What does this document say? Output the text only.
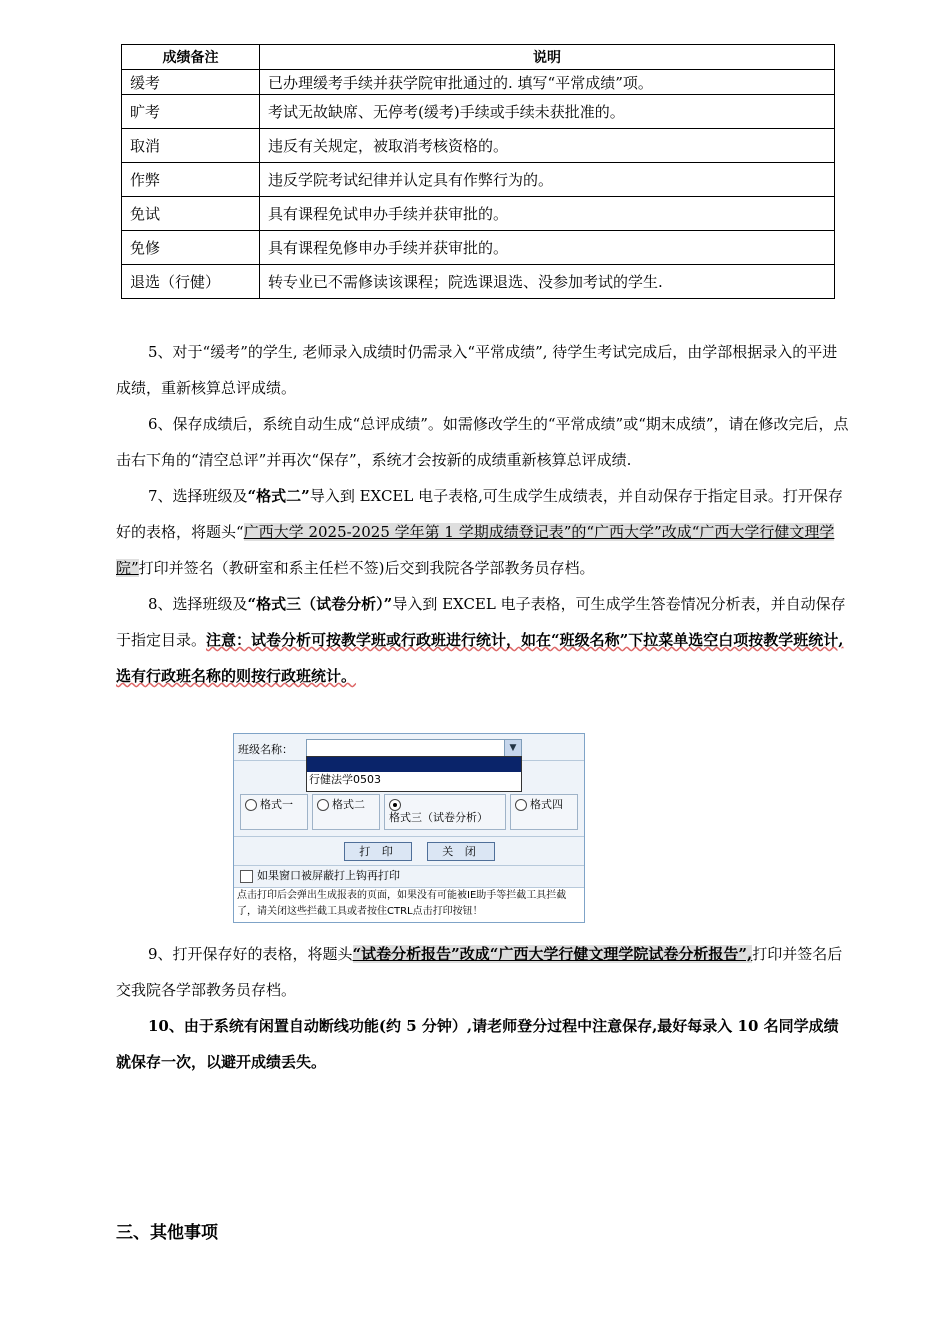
成绩备注	说明
缓考	已办理缓考手续并获学院审批通过的. 填写“平常成绩”项。
旷考	考试无故缺席、无停考(缓考)手续或手续未获批准的。
取消	违反有关规定，被取消考核资格的。
作弊	违反学院考试纪律并认定具有作弊行为的。
免试	具有课程免试申办手续并获审批的。
免修	具有课程免修申办手续并获审批的。
退选（行健）	转专业已不需修读该课程；院选课退选、没参加考试的学生.

5、对于“缓考”的学生, 老师录入成绩时仍需录入“平常成绩”, 待学生考试完成后，由学部根据录入的平进成绩，重新核算总评成绩。

6、保存成绩后，系统自动生成“总评成绩”。如需修改学生的“平常成绩”或“期末成绩”，请在修改完后，点击右下角的“清空总评”并再次“保存”，系统才会按新的成绩重新核算总评成绩.

7、选择班级及“格式二”导入到 EXCEL 电子表格,可生成学生成绩表，并自动保存于指定目录。打开保存好的表格，将题头“广西大学 2025-2025 学年第 1 学期成绩登记表”的“广西大学”改成“广西大学行健文理学院”打印并签名（教研室和系主任栏不签)后交到我院各学部教务员存档。

8、选择班级及“格式三（试卷分析）”导入到 EXCEL 电子表格，可生成学生答卷情况分析表，并自动保存于指定目录。注意：试卷分析可按教学班或行政班进行统计，如在“班级名称”下拉菜单选空白项按教学班统计,选有行政班名称的则按行政班统计。

班级名称：	▼
行健法学0503
格式一	格式二
格式三（试卷分析）
格式四
打 印	关 闭
如果窗口被屏蔽打上钩再打印
点击打印后会弹出生成报表的页面，如果没有可能被IE助手等拦截工具拦截了，请关闭这些拦截工具或者按住CTRL点击打印按钮！

9、打开保存好的表格，将题头“试卷分析报告”改成“广西大学行健文理学院试卷分析报告”,打印并签名后交我院各学部教务员存档。

10、由于系统有闲置自动断线功能(约 5 分钟）,请老师登分过程中注意保存,最好每录入 10 名同学成绩就保存一次，以避开成绩丢失。

三、其他事项
